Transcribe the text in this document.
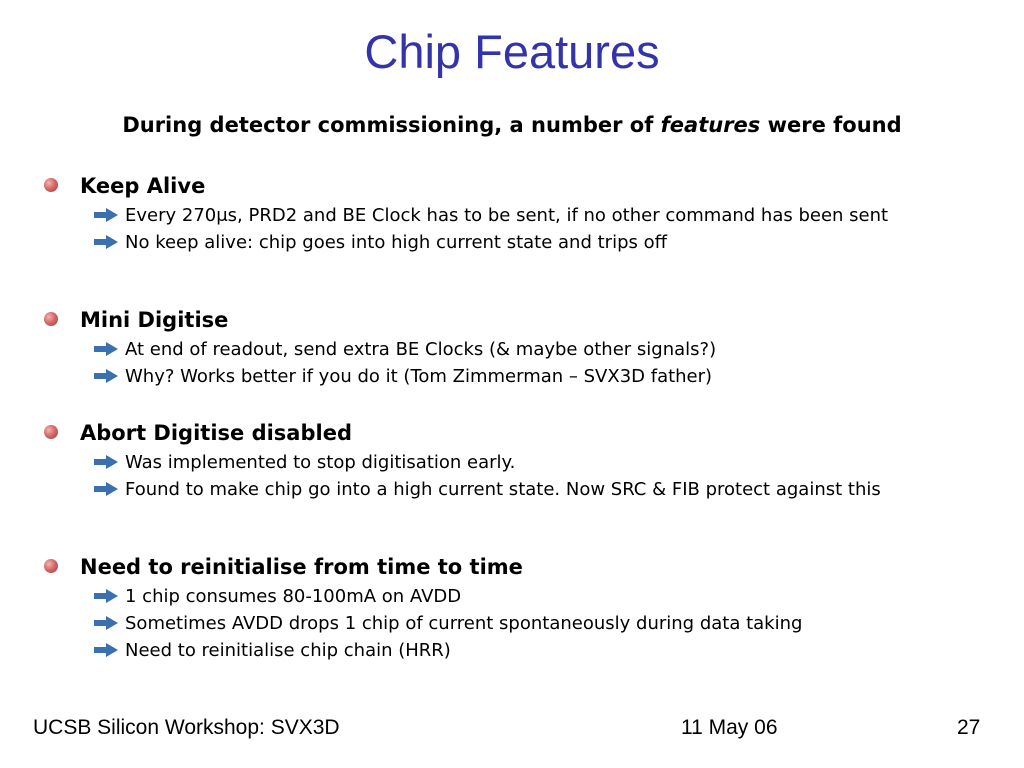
Chip Features
During detector commissioning, a number of features were found
Keep Alive
Every 270μs, PRD2 and BE Clock has to be sent, if no other command has been sent
No keep alive: chip goes into high current state and trips off
Mini Digitise
At end of readout, send extra BE Clocks (& maybe other signals?)
Why? Works better if you do it (Tom Zimmerman – SVX3D father)
Abort Digitise disabled
Was implemented to stop digitisation early.
Found to make chip go into a high current state. Now SRC & FIB protect against this
Need to reinitialise from time to time
1 chip consumes 80-100mA on AVDD
Sometimes AVDD drops 1 chip of current spontaneously during data taking
Need to reinitialise chip chain (HRR)
UCSB Silicon Workshop: SVX3D	11 May 06	27
